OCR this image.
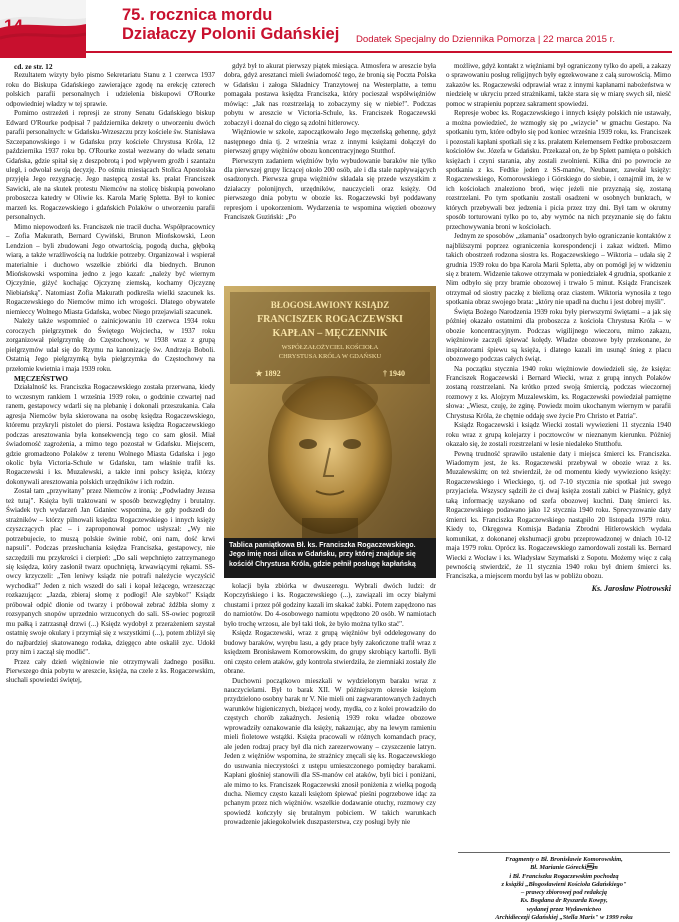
14
75. rocznica mordu
Działaczy Polonii Gdańskiej Dodatek Specjalny do Dziennika Pomorza | 22 marca 2015 r.

cd. ze str. 12

Rezultatem wizyty było pismo Sekretariatu Stanu z 1 czerwca 1937 roku do Biskupa Gdańskiego zawierające zgodę na erekcję czterech polskich parafii personalnych i udzielenia biskupowi O'Rourke odpowiedniej władzy w tej sprawie.

Pomimo ostrzeżeń i represji ze strony Senatu Gdańskiego biskup Edward O'Rourke podpisał 7 października dekrety o utworzeniu dwóch parafii personalnych: w Gdańsku-Wrzeszczu przy kościele św. Stanisława Szczepanowskiego i w Gdańsku przy kościele Chrystusa Króla, 12 października 1937 roku bp. O'Rourke został wezwany do władz senatu Gdańska, gdzie spitał się z deszpobrotą i pod wpływem groźb i szantażu uległ, i odwołał swoją decyzję. Po ośmiu miesiącach Stolica Apostolska przyjęła Jego rezygnację. Jego następcą został ks. prałat Franciszek Sawicki, ale na skutek protestu Niemców na stolicę biskupią powołano proboszcza katedry w Oliwie ks. Karola Marię Spletta. Był to koniec marzeń ks. Rogaczewskiego i gdańskich Polaków o utworzeniu parafii personalnych.

Mimo niepowodzeń ks. Franciszek nie tracił ducha. Współpracownicy – Zofia Makurath, Bernard Cywiński, Brunon Miońskowski, Leon Lendzion – byli zbudowani Jego otwartością, pogodą ducha, głęboką wiarą, a także wrażliwością na ludzkie potrzeby. Organizował i wspierał materialnie i duchowo wszelkie zbiórki dla biednych. Brunon Miońskowski wspomina jedno z jego kazań: „należy być wiernym Ojczyźnie, giżyć kochając Ojczyznę ziemską, kochamy Ojczyznę Niebiańską". Natomiast Zofia Makurath podkreśla wielki szacunek ks. Rogaczewskiego do Niemców mimo ich wrogości. Dlatego obywatele niemieccy Wolnego Miasta Gdańska, wobec Niego przejawiali szacunek.

Należy także wspomnieć o zainicjowaniu 10 czerwca 1934 roku coroczych pielgrzymek do Świętego Wojciecha, w 1937 roku zorganizował pielgrzymkę do Częstochowy, w 1938 wraz z grupą pielgrzymów udał się do Rzymu na kanonizację św. Andrzeja Boboli. Ostatnią Jego pielgrzymką była pielgrzymka do Częstochowy na przełomie kwietnia i maja 1939 roku.

MĘCZEŃSTWO

Działalność ks. Franciszka Rogaczewskiego została przerwana, kiedy to wczesnym rankiem 1 września 1939 roku, o godzinie czwartej nad ranem, gestapowcy wdarli się na plebanię i dokonali przeszukania. Cała agresja Niemców była skierowana na osobę księdza Rogaczewskiego, któremu przykryli pistolet do piersi. Postawa księdza Rogaczewskiego podczas aresztowania była konsekwencją tego co sam głosił. Miał świadomość zagrożenia, a mimo tego pozostał w Gdańsku. Miejscem, gdzie gromadzono Polaków z terenu Wolnego Miasta Gdańska i jego okolic była Victoria-Schule w Gdańsku, tam właśnie trafił ks. Rogaczewski i ks. Muzalewski, a także inni polscy księża, którzy dokonywali aresztowania polskich urzędników i ich rodzin.

Został tam „przywitany" przez Niemców z ironią: „Podwładny Jezusa też tutaj". Księża byli traktowani w sposób bezwzględny i brutalny. Świadek tych wydarzeń Jan Gdaniec wspomina, że gdy podszedł do strażników – którzy pilnowali księdza Rogaczewskiego i innych księży czyszczących plac – i zaproponował pomoc usłyszał: „Wy nie potrzebujecie, to muszą polskie świnie robić, oni nam, dość krwi napsuli". Podczas przesłuchania księdza Franciszka, gestapowcy, nie szczędzili mu przykrości i cierpień: „Do sali wepchnięto zatrzymanego się księdza, który zasłonił twarz opuchniętą, krwawiącymi rękami. SS-owcy krzyczeli: „Ten leniwy ksiądz nie potrafi należycie wyczyścić wychodka!" Jeden z nich wszedł do sali i kopał leżącego, wrzeszcząc rozkazująco: „Jazda, zbieraj słomę z podłogi! Ale szybko!" Ksiądz próbował odpić dłonie od twarzy i próbował zebrać źdźbła słomy z rozsypanych snopów uprzednio wrzuconych do sali. SS-owiec pogroził mu pałką i zatrzasnął drzwi (...) Księdz wydobył z przerażeniem szystał ostatnię swoje okulary i przymiął się z wszystkimi (...), potem zbliżył się do najbardziej skatowanego rodaka, dzięgęco abte oskalił zyc. Udokł przy nim i zaczął się modlić".

Przez cały dzień więźniowie nie otrzymywali żadnego posiłku. Pierwszego dnia pobytu w areszcie, księża, na czele z ks. Rogaczewskim, słuchali spowiedzi świętej,

gdyż był to akurat pierwszy piątek miesiąca. Atmosfera w areszcie była dobra, gdyż aresztanci mieli świadomość tego, że bronią się Poczta Polska w Gdańsku i załoga Składnicy Tranzytowej na Westerplatte, a temu pomagała postawa księdza Franciszka, który pocieszał współwięźniów mówiąc: „Jak nas rozstrzelają to zobaczymy się w niebie!". Podczas pobytu w areszcie w Victoria-Schule, ks. Franciszek Rogaczewski zobaczył i doznał do cięgo są zdolni hitlerowcy.

Więźniowie w szkole, zapoczątkowało Jego męczeńską gehennę, gdyż następnego dnia tj. 2 września wraz z innymi księżami dołączył do pierwszej grupy więźniów obozu koncentracyjnego Stutthof.

Pierwszym zadaniem więźniów było wybudowanie baraków nie tylko dla pierwszej grupy liczącej około 200 osób, ale i dla stale napływających osadzonych. Pierwsza grupa więźniów składała się przede wszystkim z działaczy polonijnych, urzędników, nauczycieli oraz księży. Od pierwszego dnia pobytu w obozie ks. Rogaczewski był poddawany represjom i upokorzeniom. Wydarzenia te wspomina więzień obozowy Franciszek Guziński: „Po

BŁOGOSŁAWIONY KSIĄDZ
FRANCISZEK ROGACZEWSKI
KAPŁAN – MĘCZENNIK
WSPÓŁZAŁOŻYCIEL KOŚCIOŁA
CHRYSTUSA KRÓLA W GDAŃSKU
★ 1892	† 1940
Tablica pamiątkowa Bł. ks. Franciszka Rogaczewskiego. Jego imię nosi ulica w Gdańsku, przy której znajduje się kościół Chrystusa Króla, gdzie pełnił posługę kapłańską

kolacji była zbiórka w dwuszeregu. Wybrali dwóch ludzi: dr Kopczyńskiego i ks. Rogaczewskiego (...), zawiązali im oczy białymi chustami i przez pół godziny kazali im skakać żabki. Potem zapędzono nas do namiotów. Do 4-osobowego namiotu wpędzono 20 osób. W namiotach było trochę wrzosu, ale był taki tłok, że było można tylko stać".

Księdz Rogaczewski, wraz z grupą więźniów był oddelegowany do budowy baraków, wyrębu lasu, a gdy prace były zakończone trafił wraz z księdzem Bronisławem Komorowskim, do grupy skrobiący kartofli. Byli oni często celem ataków, gdy kontrola stwierdziła, że ziemniaki zostały źle obrane.

Duchowni początkowo mieszkali w wydzielonym baraku wraz z nauczycielami. Był to barak XII. W późniejszym okresie księżom przydzielono osobny barak nr V. Nie mieli oni zagwarantowanych żadnych warunków higienicznych, bieżącej wody, mydła, co z kolei prowadziło do częstych chorób zakaźnych. Jesienią 1939 roku władze obozowe wprowadziły oznakowanie dla księży, nakazując, aby na lewym ramieniu mieli fioletowe wstążki. Księża pracowali w różnych komandach pracy, ale jeden rodzaj pracy był dla nich zarezerwowany – czyszczenie latryn. Jeden z więźniów wspomina, że strażnicy znęcali się ks. Rogaczewskiego do usuwania nieczystości z ustępu umieszczonego pomiędzy barakami. Kapłani głośniej stanowili dla SS-manów cel ataków, byli bici i poniżani, ale mimo to ks. Franciszek Rogaczewski znosił poniżenia z wielką pogodą ducha. Niemcy często kazali księżom śpiewać pieśni pogrzebowe idąc za pchanym przez nich więźniów. wszelkie dodawanie otuchy, rozmowy czy spowiedź kończyły się brutalnym pobiciem. W takich warunkach prowadzenie jakiegokolwiek duszpasterstwa, czy posługi były nie

możliwe, gdyż kontakt z więźniami był ograniczony tylko do apeli, a zakazy o sprawowaniu posług religijnych były egzekwowane z całą surowością. Mimo zakazów ks. Rogaczewski odprawiał wraz z innymi kapłanami nabożeństwa w niedzielę w ukryciu przed strażnikami, także stara się w miarę swych sił, nieść pomoc w strapieniu poprzez sakrament spowiedzi.

Represje wobec ks. Rogaczewskiego i innych księży polskich nie ustawały, a można powiedzieć, że wzmogły się po „wizycie" w gmachu Gestapo. Na spotkaniu tym, które odbyło się pod koniec września 1939 roku, ks. Franciszek i pozostali kapłani spotkali się z ks. prałatem Kelemensem Fedtke proboszczem kościołów św. Józefa w Gdańsku. Przekazał on, że bp Splett pamięta o polskich księżach i czyni starania, aby zostali zwolnieni. Kilka dni po powrocie ze spotkania z ks. Fedtke jeden z SS-manów, Neubauer, zawołał księży: Rogaczewskiego, Komorowskiego i Górskiego do siebie, i oznajmił im, że w ich kościołach znaleziono broń, więc jeżeli nie przyznają się, zostaną rozstrzelani. Po tym spotkaniu zostali osadzeni w osobnych bunkrach, w których przebywali bez jedzenia i picia przez trzy dni. Był tam w okrutny sposób torturowani tylko po to, aby wymóc na nich przyznanie się do faktu przechowywania broni w kościołach.

Jednym ze sposobów „złamania" osadzonych było ograniczanie kontaktów z najbliższymi poprzez ograniczenia korespondencji i zakaz widzeń. Mimo takich obostrzeń rodzona siostra ks. Rogaczewskiego – Wiktoria – udała się 2 grudnia 1939 roku do bpa Karola Marii Spletta, aby on pomógł jej w widzeniu się z bratem. Widzenie takowe otrzymała w poniedziałek 4 grudnia, spotkanie z Nim odbyło się przy bramie obozowej i trwało 5 minut. Ksiądz Franciszek otrzymał od siostry paczkę z bielizną oraz ciastem. Wiktoria wynosiła z tego spotkania obraz swojego brata: „który nie upadł na duchu i jest dobrej myśli".

Święta Bożego Narodzenia 1939 roku były pierwszymi świętami – a jak się później okazało ostatnimi dla proboszcza z kościoła Chrystusa Króla – w obozie koncentracyjnym. Podczas wigilijnego wieczoru, mimo zakazu, więźniowie zaczęli śpiewać kolędy. Władze obozowe były przekonane, że inspiratorami śpiewu są księża, i dlatego kazali im usunąć śnieg z placu obozowego podczas całych świąt.

Na początku stycznia 1940 roku więźniowie dowiedzieli się, że księża: Franciszek Rogaczewski i Bernard Wiecki, wraz z grupą innych Polaków zostaną rozstrzelani. Na krótko przed swoją śmiercią, podczas wieczornej rozmowy z ks. Alojzym Muzalewskim, ks. Rogaczewski powiedział pamiętne słowa: „Wiesz, czuję, że zginę. Powiedz moim ukochanym wiernym w parafii Chrystusa Króla, że chętnie oddaję swe życie Pro Christo et Patria".

Ksiądz Rogaczewski i ksiądz Wiecki zostali wywiezieni 11 stycznia 1940 roku wraz z grupą kolejarzy i pocztowców w nieznanym kierunku. Później okazało się, że zostali rozstrzelani w lesie niedaleko Stutthofu.

Pewną trudność sprawiło ustalenie daty i miejsca śmierci ks. Franciszka. Wiadomym jest, że ks. Rogaczewski przebywał w obozie wraz z ks. Muzalewskim; on też stwierdził, że od momentu kiedy wywieziono księży: Rogaczewskiego i Wieckiego, tj. od 7-10 stycznia nie spotkał już swego przyjaciela. Wszyscy sądzili że ci dwaj księża zostali zabici w Piaśnicy, gdyż taką informację uzyskano od szefa obozowej kuchni. Datę śmierci ks. Rogaczewskiego podawano jako 12 stycznia 1940 roku. Sprecyzowanie daty śmierci ks. Franciszka Rogaczewskiego nastąpiło 20 listopada 1979 roku. Kiedy to, Okręgowa Komisja Badania Zbrodni Hitlerowskich wydała komunikat, z dokonanej ekshumacji grobu przeprowadzonej w dniach 10-12 maja 1979 roku. Oprócz ks. Rogaczewskiego zamordowali zostali ks. Bernard Wiecki z Wocław i ks. Władysław Szymański z Sopotu. Możemy więc z całą pewnością stwierdzić, że 11 stycznia 1940 roku był dniem śmierci ks. Franciszka, a miejscem mordu był las w pobliżu obozu.

Ks. Jarosław Piotrowski
Fragmenty o Bł. Bronisławie Komorowskim,
Bł. Marianie Góreckim
i Bł. Franciszku Rogaczewskim pochodzą
z książki „Błogosławieni Kościoła Gdańskiego"
– prawcy zbiorowej pod redakcją
Ks. Bogdana dr Ryszarda Kowpy,
wydanej przez Wydawnictwo
Archidiecezji Gdańskiej „Stella Maris" w 1999 roku
